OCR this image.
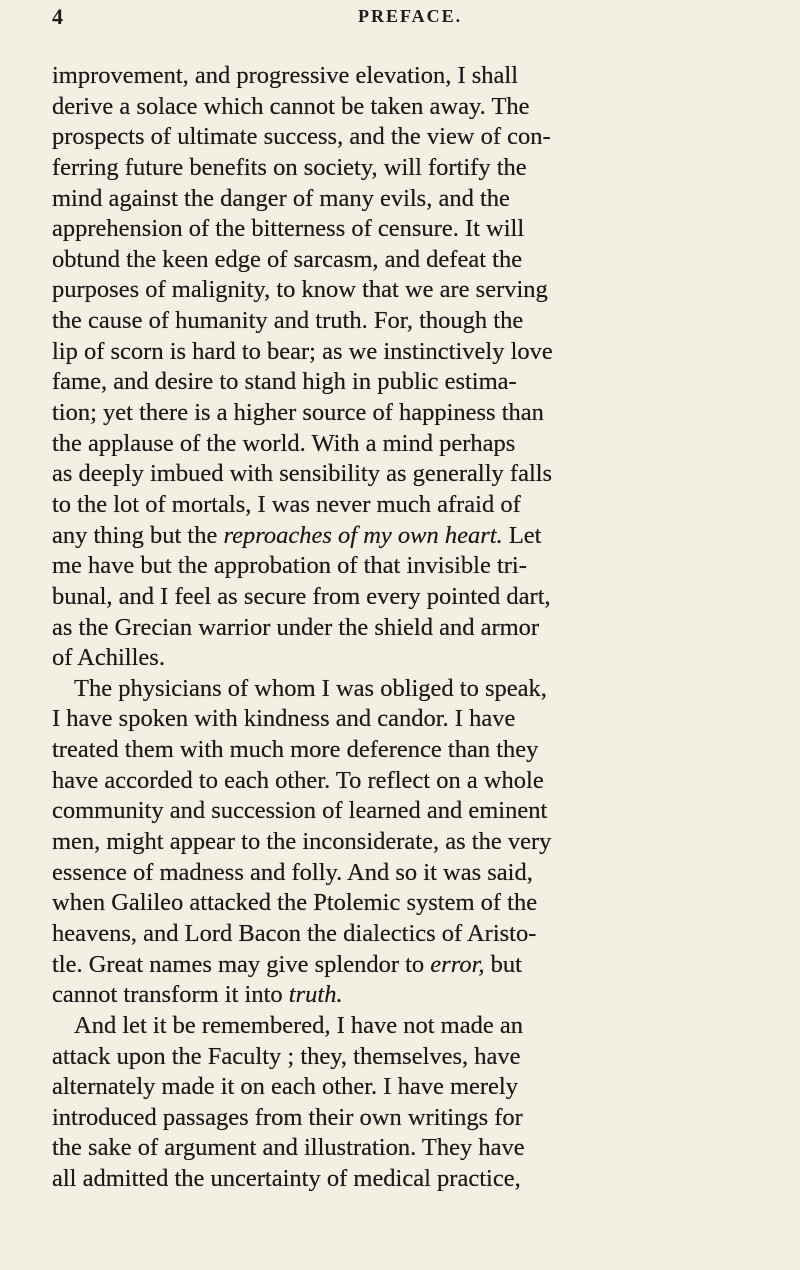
4	PREFACE.
improvement, and progressive elevation, I shall
derive a solace which cannot be taken away. The
prospects of ultimate success, and the view of con-
ferring future benefits on society, will fortify the
mind against the danger of many evils, and the
apprehension of the bitterness of censure. It will
obtund the keen edge of sarcasm, and defeat the
purposes of malignity, to know that we are serving
the cause of humanity and truth. For, though the
lip of scorn is hard to bear; as we instinctively love
fame, and desire to stand high in public estima-
tion; yet there is a higher source of happiness than
the applause of the world. With a mind perhaps
as deeply imbued with sensibility as generally falls
to the lot of mortals, I was never much afraid of
any thing but the reproaches of my own heart. Let
me have but the approbation of that invisible tri-
bunal, and I feel as secure from every pointed dart,
as the Grecian warrior under the shield and armor
of Achilles.
The physicians of whom I was obliged to speak,
I have spoken with kindness and candor. I have
treated them with much more deference than they
have accorded to each other. To reflect on a whole
community and succession of learned and eminent
men, might appear to the inconsiderate, as the very
essence of madness and folly. And so it was said,
when Galileo attacked the Ptolemic system of the
heavens, and Lord Bacon the dialectics of Aristo-
tle. Great names may give splendor to error, but
cannot transform it into truth.
And let it be remembered, I have not made an
attack upon the Faculty ; they, themselves, have
alternately made it on each other. I have merely
introduced passages from their own writings for
the sake of argument and illustration. They have
all admitted the uncertainty of medical practice,
